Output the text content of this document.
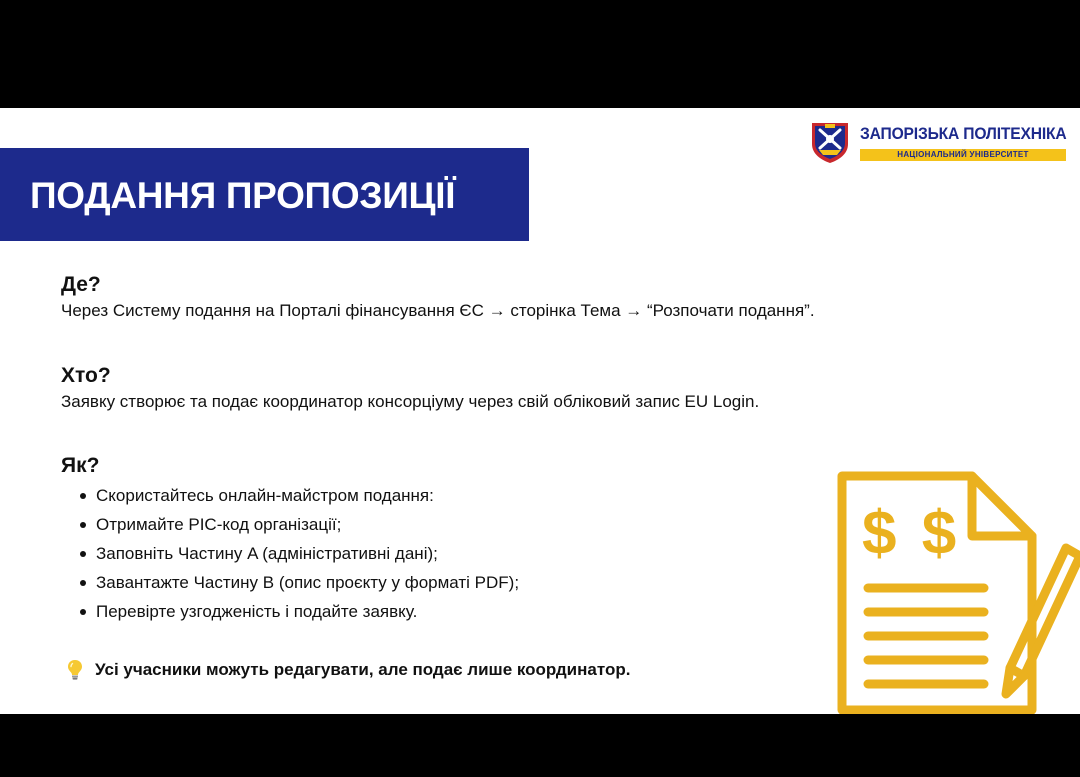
ЗАПОРІЗЬКА ПОЛІТЕХНІКА
НАЦІОНАЛЬНИЙ УНІВЕРСИТЕТ
ПОДАННЯ ПРОПОЗИЦІЇ
Де?

Через Систему подання на Порталі фінансування ЄС → сторінка Тема → “Розпочати подання”.

Хто?

Заявку створює та подає координатор консорціуму через свій обліковий запис EU Login.

Як?
Скористайтесь онлайн-майстром подання:
Отримайте PIC-код організації;
Заповніть Частину A (адміністративні дані);
Завантажте Частину B (опис проєкту у форматі PDF);
Перевірте узгодженість і подайте заявку.
Усі учасники можуть редагувати, але подає лише координатор.
$ $
